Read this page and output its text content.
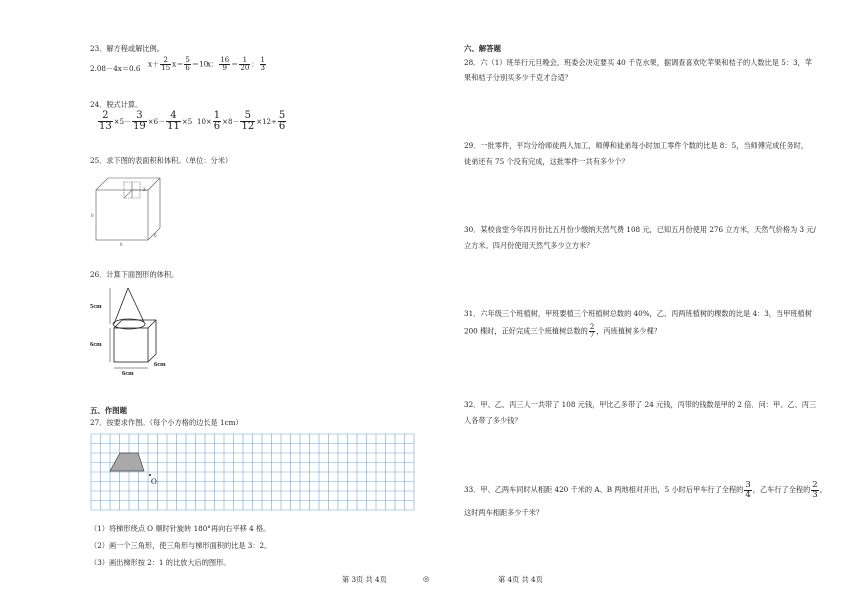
23．解方程或解比例。
2.08－4x＝0.6 $x+ \frac{2}{15} x= \frac{5}{6} =10$
x： $\frac{16}{9} = \frac{1}{20}$ ： $\frac{1}{3}$
24．脱式计算。
$\frac{2}{13} \times 5- \frac{3}{19} \times 6- \frac{4}{11} \times 5$ $10\times \frac{1}{6} \times 8- \frac{5}{12} \times 12\div \frac{5}{6}$
25．求下图的表面积和体积。（单位：分米）
2
6
6
6
26．计算下面图形的体积。
5cm
6cm
6cm
6cm
五、作图题
27．按要求作图。（每个小方格的边长是 1cm）
O
（1）将梯形绕点 O 顺时针旋转 180°再向右平移 4 格。
（2）画一个三角形，使三角形与梯形面积的比是 3：2。
（3）画出梯形按 2：1 的比放大后的图形。
六、解答题
28．六（1）班举行元旦晚会，班委会决定要买 40 千克水果，据调查喜欢吃苹果和桔子的人数比是 5：3，苹
果和桔子分别买多少千克才合适？
29．一批零件，平均分给师徒两人加工，师傅和徒弟每小时加工零件个数的比是 8：5，当师傅完成任务时，
徒弟还有 75 个没有完成，这批零件一共有多少个？
30．某校食堂今年四月份比五月份少缴纳天然气费 108 元，已知五月份使用 276 立方米，天然气价格为 3 元/
立方米。四月份使用天然气多少立方米？
31．六年级三个班植树，甲班要植三个班植树总数的 40%，乙、丙两班植树的棵数的比是 4：3，当甲班植树
200 棵时，正好完成三个班植树总数的 $\frac{2}{7}$ ，丙班植树多少棵？
32．甲、乙、丙三人一共带了 108 元钱，甲比乙多带了 24 元钱，丙带的钱数是甲的 2 倍．问：甲、乙、丙三
人各带了多少钱？
33．甲、乙两车同时从相距 420 千米的 A、B 两地相对开出，5 小时后甲车行了全程的 $\frac{3}{4}$ ，乙车行了全程的 $\frac{2}{3}$ ，
这时两车相距多少千米？
第 3页 共 4页	◎	第 4页 共 4页
